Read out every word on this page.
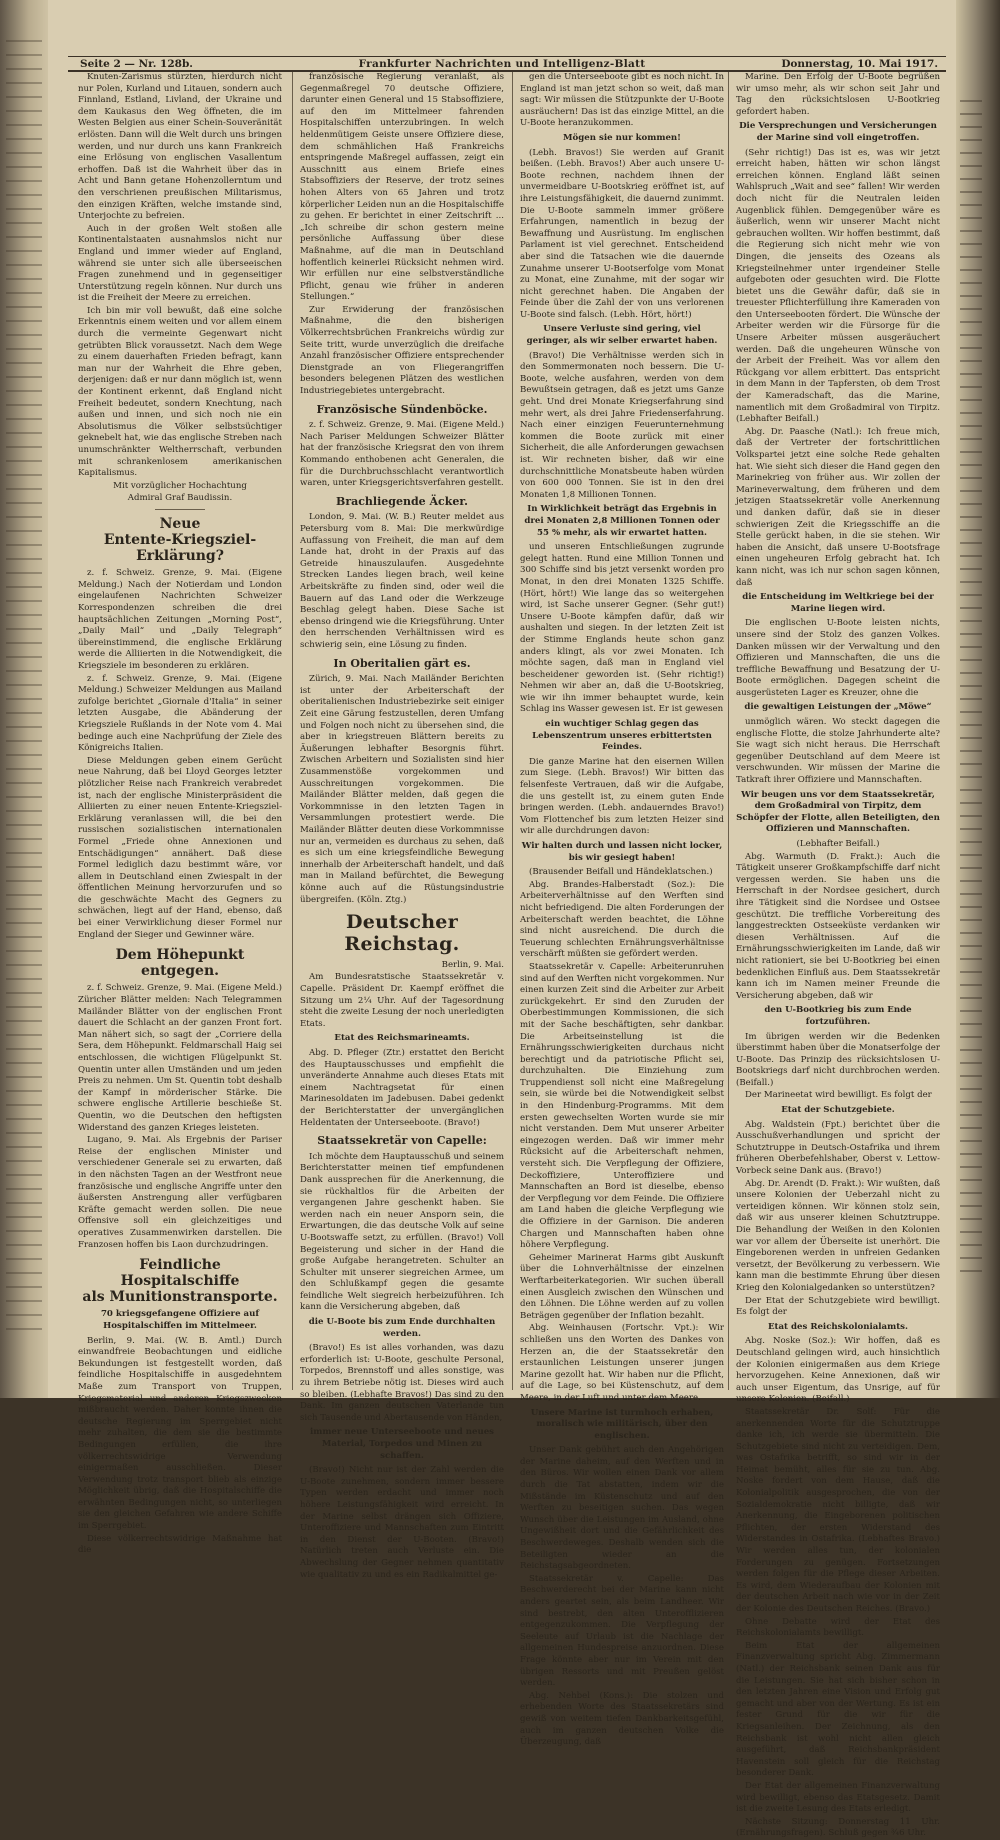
Seite 2 — Nr. 128b.	Frankfurter Nachrichten und Intelligenz-Blatt	Donnerstag, 10. Mai 1917.

Knuten-Zarismus stürzten, hierdurch nicht nur Polen, Kurland und Litauen, sondern auch Finnland, Estland, Livland, der Ukraine und dem Kaukasus den Weg öffneten, die im Westen Belgien aus einer Schein-Souveränität erlösten. Dann will die Welt durch uns bringen werden, und nur durch uns kann Frankreich eine Erlösung von englischen Vasallentum erhoffen. Daß ist die Wahrheit über das in Acht und Bann getane Hohenzollerntum und den verschrienen preußischen Militarismus, den einzigen Kräften, welche imstande sind, Unterjochte zu befreien.

Auch in der großen Welt stoßen alle Kontinentalstaaten ausnahmslos nicht nur England und immer wieder auf England, während sie unter sich alle überseeischen Fragen zunehmend und in gegenseitiger Unterstützung regeln können. Nur durch uns ist die Freiheit der Meere zu erreichen.

Ich bin mir voll bewußt, daß eine solche Erkenntnis einem weiten und vor allem einem durch die vermeinte Gegenwart nicht getrübten Blick voraussetzt. Nach dem Wege zu einem dauerhaften Frieden befragt, kann man nur der Wahrheit die Ehre geben, derjenigen: daß er nur dann möglich ist, wenn der Kontinent erkennt, daß England nicht Freiheit bedeutet, sondern Knechtung, nach außen und innen, und sich noch nie ein Absolutismus die Völker selbstsüchtiger geknebelt hat, wie das englische Streben nach unumschränkter Weltherrschaft, verbunden mit schrankenlosem amerikanischen Kapitalismus.

Mit vorzüglicher Hochachtung

Admiral Graf Baudissin.

Neue
Entente-Kriegsziel-Erklärung?

z. f. Schweiz. Grenze, 9. Mai. (Eigene Meldung.) Nach der Notierdam und London eingelaufenen Nachrichten Schweizer Korrespondenzen schreiben die drei hauptsächlichen Zeitungen „Morning Post“, „Daily Mail“ und „Daily Telegraph“ übereinstimmend, die englische Erklärung werde die Alliierten in die Notwendigkeit, die Kriegsziele im besonderen zu erklären.

z. f. Schweiz. Grenze, 9. Mai. (Eigene Meldung.) Schweizer Meldungen aus Mailand zufolge berichtet „Giornale d'Italia“ in seiner letzten Ausgabe, die Abänderung der Kriegsziele Rußlands in der Note vom 4. Mai bedinge auch eine Nachprüfung der Ziele des Königreichs Italien.

Diese Meldungen geben einem Gerücht neue Nahrung, daß bei Lloyd Georges letzter plötzlicher Reise nach Frankreich verabredet ist, nach der englische Ministerpräsident die Alliierten zu einer neuen Entente-Kriegsziel-Erklärung veranlassen will, die bei den russischen sozialistischen internationalen Formel „Friede ohne Annexionen und Entschädigungen“ annähert. Daß diese Formel lediglich dazu bestimmt wäre, vor allem in Deutschland einen Zwiespalt in der öffentlichen Meinung hervorzurufen und so die geschwächte Macht des Gegners zu schwächen, liegt auf der Hand, ebenso, daß bei einer Verwirklichung dieser Formel nur England der Sieger und Gewinner wäre.

Dem Höhepunkt entgegen.

z. f. Schweiz. Grenze, 9. Mai. (Eigene Meld.) Züricher Blätter melden: Nach Telegrammen Mailänder Blätter von der englischen Front dauert die Schlacht an der ganzen Front fort. Man nähert sich, so sagt der „Corriere della Sera, dem Höhepunkt. Feldmarschall Haig sei entschlossen, die wichtigen Flügelpunkt St. Quentin unter allen Umständen und um jeden Preis zu nehmen. Um St. Quentin tobt deshalb der Kampf in mörderischer Stärke. Die schwere englische Artillerie beschieße St. Quentin, wo die Deutschen den heftigsten Widerstand des ganzen Krieges leisteten.

Lugano, 9. Mai. Als Ergebnis der Pariser Reise der englischen Minister und verschiedener Generale sei zu erwarten, daß in den nächsten Tagen an der Westfront neue französische und englische Angriffe unter den äußersten Anstrengung aller verfügbaren Kräfte gemacht werden sollen. Die neue Offensive soll ein gleichzeitiges und operatives Zusammenwirken darstellen. Die Franzosen hoffen bis Laon durchzudringen.

Feindliche Hospitalschiffe
als Munitionstransporte.
70 kriegsgefangene Offiziere auf Hospitalschiffen im Mittelmeer.

Berlin, 9. Mai. (W. B. Amtl.) Durch einwandfreie Beobachtungen und eidliche Bekundungen ist festgestellt worden, daß feindliche Hospitalschiffe in ausgedehntem Maße zum Transport von Truppen, Kriegsmaterial und anderen Kriegszwecken mißbraucht werden. Daher konnte ihnen die deutsche Regierung im Sperrgebiet nicht mehr zuhalten, die dem sie die bestimmte Bedingungen erfüllen, die ihre völkerrechtswidrige Verwendung einigermaßen ausschließen. Dieser Verwendung trotz transport blieb als einzige Möglichkeit übrig, daß die Hospitalschiffe die erwähnten Bedingungen nicht, so unterliegen sie den gleichen Gefahren wie andere Schiffe im Sperrgebiet.

Diese völkerrechtswidrige Maßnahme hat die

französische Regierung veranlaßt, als Gegenmaßregel 70 deutsche Offiziere, darunter einen General und 15 Stabsoffiziere, auf den im Mittelmeer fahrenden Hospitalschiffen unterzubringen. In welch heldenmütigem Geiste unsere Offiziere diese, dem schmählichen Haß Frankreichs entspringende Maßregel auffassen, zeigt ein Ausschnitt aus einem Briefe eines Stabsoffiziers der Reserve, der trotz seines hohen Alters von 65 Jahren und trotz körperlicher Leiden nun an die Hospitalschiffe zu gehen. Er berichtet in einer Zeitschrift ... „Ich schreibe dir schon gestern meine persönliche Auffassung über diese Maßnahme, auf die man in Deutschland hoffentlich keinerlei Rücksicht nehmen wird. Wir erfüllen nur eine selbstverständliche Pflicht, genau wie früher in anderen Stellungen.“

Zur Erwiderung der französischen Maßnahme, die den bisherigen Völkerrechtsbrüchen Frankreichs würdig zur Seite tritt, wurde unverzüglich die dreifache Anzahl französischer Offiziere entsprechender Dienstgrade an von Fliegerangriffen besonders belegenen Plätzen des westlichen Industriegebietes untergebracht.

Französische Sündenböcke.

z. f. Schweiz. Grenze, 9. Mai. (Eigene Meld.) Nach Pariser Meldungen Schweizer Blätter hat der französische Kriegsrat den von ihrem Kommando enthobenen acht Generalen, die für die Durchbruchsschlacht verantwortlich waren, unter Kriegsgerichtsverfahren gestellt.

Brachliegende Äcker.

London, 9. Mai. (W. B.) Reuter meldet aus Petersburg vom 8. Mai: Die merkwürdige Auffassung von Freiheit, die man auf dem Lande hat, droht in der Praxis auf das Getreide hinauszulaufen. Ausgedehnte Strecken Landes liegen brach, weil keine Arbeitskräfte zu finden sind, oder weil die Bauern auf das Land oder die Werkzeuge Beschlag gelegt haben. Diese Sache ist ebenso dringend wie die Kriegsführung. Unter den herrschenden Verhältnissen wird es schwierig sein, eine Lösung zu finden.

In Oberitalien gärt es.

Zürich, 9. Mai. Nach Mailänder Berichten ist unter der Arbeiterschaft der oberitalienischen Industriebezirke seit einiger Zeit eine Gärung festzustellen, deren Umfang und Folgen noch nicht zu übersehen sind, die aber in kriegstreuen Blättern bereits zu Äußerungen lebhafter Besorgnis führt. Zwischen Arbeitern und Sozialisten sind hier Zusammenstöße vorgekommen und Ausschreitungen vorgekommen. Die Mailänder Blätter melden, daß gegen die Vorkommnisse in den letzten Tagen in Versammlungen protestiert werde. Die Mailänder Blätter deuten diese Vorkommnisse nur an, vermeiden es durchaus zu sehen, daß es sich um eine kriegsfeindliche Bewegung innerhalb der Arbeiterschaft handelt, und daß man in Mailand befürchtet, die Bewegung könne auch auf die Rüstungsindustrie übergreifen. (Köln. Ztg.)

Deutscher Reichstag.

Berlin, 9. Mai.

Am Bundesratstische Staatssekretär v. Capelle. Präsident Dr. Kaempf eröffnet die Sitzung um 2¼ Uhr. Auf der Tagesordnung steht die zweite Lesung der noch unerledigten Etats.

Etat des Reichsmarineamts.

Abg. D. Pfleger (Ztr.) erstattet den Bericht des Hauptausschusses und empfiehlt die unveränderte Annahme auch dieses Etats mit einem Nachtragsetat für einen Marinesoldaten im Jadebusen. Dabei gedenkt der Berichterstatter der unvergänglichen Heldentaten der Unterseeboote. (Bravo!)

Staatssekretär von Capelle:

Ich möchte dem Hauptausschuß und seinem Berichterstatter meinen tief empfundenen Dank aussprechen für die Anerkennung, die sie rückhaltlos für die Arbeiten der vergangenen Jahre geschenkt haben. Sie werden nach ein neuer Ansporn sein, die Erwartungen, die das deutsche Volk auf seine U-Bootswaffe setzt, zu erfüllen. (Bravo!) Voll Begeisterung und sicher in der Hand die große Aufgabe herangetreten. Schulter an Schulter mit unserer siegreichen Armee, um den Schlußkampf gegen die gesamte feindliche Welt siegreich herbeizuführen. Ich kann die Versicherung abgeben, daß

die U-Boote bis zum Ende durchhalten werden.

(Bravo!) Es ist alles vorhanden, was dazu erforderlich ist: U-Boote, geschulte Personal, Torpedos, Brennstoff und alles sonstige, was zu ihrem Betriebe nötig ist. Dieses wird auch so bleiben. (Lebhafte Bravos!) Das sind zu den Dank. Im ganzen deutschen Vaterlande tun sich Tausende und Abertausende von Händen,

immer neue Unterseeboote und neues Material, Torpedos und Minen zu schaffen.

(Bravo!) Nicht nur ist der Zahl werden die U-Boote zunehmen, sondern immer bessere Typen werden erdacht und immer noch höhere Leistungsfähigkeit wird erreicht. In der Marine selbst drängen sich Offiziere, Unteroffiziere und Mannschaften zum Eintritt in den Dienst der U-Booten. (Bravo!) Natürlich treten auch Verluste ein. Die Abwechslung der Gegner nehmen quantitativ wie qualitativ zu und es ein Radikalmittel ge-

gen die Unterseeboote gibt es noch nicht. In England ist man jetzt schon so weit, daß man sagt: Wir müssen die Stützpunkte der U-Boote ausräuchern! Das ist das einzige Mittel, an die U-Boote heranzukommen.

Mögen sie nur kommen!

(Lebh. Bravos!) Sie werden auf Granit beißen. (Lebh. Bravos!) Aber auch unsere U-Boote rechnen, nachdem ihnen der unvermeidbare U-Bootskrieg eröffnet ist, auf ihre Leistungsfähigkeit, die dauernd zunimmt. Die U-Boote sammeln immer größere Erfahrungen, namentlich in bezug der Bewaffnung und Ausrüstung. Im englischen Parlament ist viel gerechnet. Entscheidend aber sind die Tatsachen wie die dauernde Zunahme unserer U-Bootserfolge vom Monat zu Monat, eine Zunahme, mit der sogar wir nicht gerechnet haben. Die Angaben der Feinde über die Zahl der von uns verlorenen U-Boote sind falsch. (Lebh. Hört, hört!)

Unsere Verluste sind gering, viel geringer, als wir selber erwartet haben.

(Bravo!) Die Verhältnisse werden sich in den Sommermonaten noch bessern. Die U-Boote, welche ausfahren, werden von dem Bewußtsein getragen, daß es jetzt ums Ganze geht. Und drei Monate Kriegserfahrung sind mehr wert, als drei Jahre Friedenserfahrung. Nach einer einzigen Feuerunternehmung kommen die Boote zurück mit einer Sicherheit, die alle Anforderungen gewachsen ist. Wir rechneten bisher, daß wir eine durchschnittliche Monatsbeute haben würden von 600 000 Tonnen. Sie ist in den drei Monaten 1,8 Millionen Tonnen.

In Wirklichkeit beträgt das Ergebnis in drei Monaten 2,8 Millionen Tonnen oder 55 % mehr, als wir erwartet hatten.

und unseren Entschließungen zugrunde gelegt hatten. Rund eine Million Tonnen und 300 Schiffe sind bis jetzt versenkt worden pro Monat, in den drei Monaten 1325 Schiffe. (Hört, hört!) Wie lange das so weitergehen wird, ist Sache unserer Gegner. (Sehr gut!) Unsere U-Boote kämpfen dafür, daß wir aushalten und siegen. In der letzten Zeit ist der Stimme Englands heute schon ganz anders klingt, als vor zwei Monaten. Ich möchte sagen, daß man in England viel bescheidener geworden ist. (Sehr richtig!) Nehmen wir aber an, daß die U-Bootskrieg, wie wir ihn immer behauptet wurde, kein Schlag ins Wasser gewesen ist. Er ist gewesen

ein wuchtiger Schlag gegen das Lebenszentrum unseres erbittertsten Feindes.

Die ganze Marine hat den eisernen Willen zum Siege. (Lebh. Bravos!) Wir bitten das felsenfeste Vertrauen, daß wir die Aufgabe, die uns gestellt ist, zu einem guten Ende bringen werden. (Lebh. andauerndes Bravo!) Vom Flottenchef bis zum letzten Heizer sind wir alle durchdrungen davon:

Wir halten durch und lassen nicht locker, bis wir gesiegt haben!

(Brausender Beifall und Händeklatschen.)

Abg. Brandes-Halberstadt (Soz.): Die Arbeiterverhältnisse auf den Werften sind nicht befriedigend. Die alten Forderungen der Arbeiterschaft werden beachtet, die Löhne sind nicht ausreichend. Die durch die Teuerung schlechten Ernährungsverhältnisse verschärft müßten sie gefördert werden.

Staatssekretär v. Capelle: Arbeiterunruhen sind auf den Werften nicht vorgekommen. Nur einen kurzen Zeit sind die Arbeiter zur Arbeit zurückgekehrt. Er sind den Zuruden der Oberbestimmungen Kommissionen, die sich mit der Sache beschäftigten, sehr dankbar. Die Arbeitseinstellung ist die Ernährungsschwierigkeiten durchaus nicht berechtigt und da patriotische Pflicht sei, durchzuhalten. Die Einziehung zum Truppendienst soll nicht eine Maßregelung sein, sie würde bei die Notwendigkeit selbst in den Hindenburg-Programms. Mit dem ersten gewechselten Worten wurde sie mir nicht verstanden. Dem Mut unserer Arbeiter eingezogen werden. Daß wir immer mehr Rücksicht auf die Arbeiterschaft nehmen, versteht sich. Die Verpflegung der Offiziere, Deckoffiziere, Unteroffiziere und Mannschaften an Bord ist dieselbe, ebenso der Verpflegung vor dem Feinde. Die Offiziere am Land haben die gleiche Verpflegung wie die Offiziere in der Garnison. Die anderen Chargen und Mannschaften haben ohne höhere Verpflegung.

Geheimer Marinerat Harms gibt Auskunft über die Lohnverhältnisse der einzelnen Werftarbeiterkategorien. Wir suchen überall einen Ausgleich zwischen den Wünschen und den Löhnen. Die Löhne werden auf zu vollen Beträgen gegenüber der Inflation bezahlt.

Abg. Weinhausen (Fortschr. Vpt.): Wir schließen uns den Worten des Dankes von Herzen an, die der Staatssekretär den erstaunlichen Leistungen unserer jungen Marine gezollt hat. Wir haben nur die Pflicht, auf die Lage, so bei Küstenschutz, auf dem Meere, in der Luft und unter dem Meere.

Unsere Marine ist turmhoch erhaben, moralisch wie militärisch, über den englischen.

Unser Dank gebührt auch den Angehörigen der Marine daheim, auf den Werften und in den Büros. Wir wollen einen Dank vor allem durch die Tat abstatten, indem wir die Mißstände im Küstenschutz und auf den Werften zu beseitigen suchen. Das wegen Wunsch über die Leistungen im Ausland, ohne Ungewißheit dort und die Gefährlichkeit des Beschwerdeweges. Deshalb wenden sich die Beteiligten wieder an die Reichstagsabgeordneten.

Staatssekretär v. Capelle: Das Beschwerderecht bei der Marine kann nicht anders geartet sein, als beim Landheer. Wir sind bestrebt, den alten Unterofflizieren entgegenzukommen. Die Verpflegung der Seeleute auf Urlaub ist die Nachlage der allgemeinen Hundespreise anzuordnen. Diese Frage könnte aber nur im Verein mit den übrigen Ressorts und mit Preußen gelöst werden.

Abg. Nehbel (Kons.): Die stolzen und erhebenden Worte des Staatssekretärs sind gewiß von weitem tiefen Dankbarkeitsgefühl, auch im ganzen deutschen Volke die Überzeugung, daß

Marine. Den Erfolg der U-Boote begrüßen wir umso mehr, als wir schon seit Jahr und Tag den rücksichtslosen U-Bootkrieg gefordert haben.

Die Versprechungen und Versicherungen der Marine sind voll eingetroffen.

(Sehr richtig!) Das ist es, was wir jetzt erreicht haben, hätten wir schon längst erreichen können. England läßt seinen Wahlspruch „Wait and see“ fallen! Wir werden doch nicht für die Neutralen leiden Augenblick fühlen. Demgegenüber wäre es äußerlich, wenn wir unserer Macht nicht gebrauchen wollten. Wir hoffen bestimmt, daß die Regierung sich nicht mehr wie von Dingen, die jenseits des Ozeans als Kriegsteilnehmer unter irgendeiner Stelle aufgeboten oder gesuchten wird. Die Flotte bietet uns die Gewähr dafür, daß sie in treuester Pflichterfüllung ihre Kameraden von den Unterseebooten fördert. Die Wünsche der Arbeiter werden wir die Fürsorge für die Unsere Arbeiter müssen ausgeräuchert werden. Daß die ungeheuren Wünsche von der Arbeit der Freiheit. Was vor allem den Rückgang vor allem erbittert. Das entspricht in dem Mann in der Tapfersten, ob dem Trost der Kameradschaft, das die Marine, namentlich mit dem Großadmiral von Tirpitz. (Lebhafter Beifall.)

Abg. Dr. Paasche (Natl.): Ich freue mich, daß der Vertreter der fortschrittlichen Volkspartei jetzt eine solche Rede gehalten hat. Wie sieht sich dieser die Hand gegen den Marinekrieg von früher aus. Wir zollen der Marineverwaltung, dem früheren und dem jetzigen Staatssekretär volle Anerkennung und danken dafür, daß sie in dieser schwierigen Zeit die Kriegsschiffe an die Stelle gerückt haben, in die sie stehen. Wir haben die Ansicht, daß unsere U-Bootsfrage einen ungeheuren Erfolg gebracht hat. Ich kann nicht, was ich nur schon sagen können, daß

die Entscheidung im Weltkriege bei der Marine liegen wird.

Die englischen U-Boote leisten nichts, unsere sind der Stolz des ganzen Volkes. Danken müssen wir der Verwaltung und den Offizieren und Mannschaften, die uns die treffliche Bewaffnung und Besatzung der U-Boote ermöglichen. Dagegen scheint die ausgerüsteten Lager es Kreuzer, ohne die

die gewaltigen Leistungen der „Möwe“

unmöglich wären. Wo steckt dagegen die englische Flotte, die stolze Jahrhunderte alte? Sie wagt sich nicht heraus. Die Herrschaft gegenüber Deutschland auf dem Meere ist verschwunden. Wir müssen der Marine die Tatkraft ihrer Offiziere und Mannschaften.

Wir beugen uns vor dem Staatssekretär, dem Großadmiral von Tirpitz, dem Schöpfer der Flotte, allen Beteiligten, den Offizieren und Mannschaften.

(Lebhafter Beifall.)

Abg. Warmuth (D. Frakt.): Auch die Tätigkeit unserer Großkampfschiffe darf nicht vergessen werden. Sie haben uns die Herrschaft in der Nordsee gesichert, durch ihre Tätigkeit sind die Nordsee und Ostsee geschützt. Die treffliche Vorbereitung des langgestreckten Ostseeküste verdanken wir diesen Verhältnissen. Auf die Ernährungsschwierigkeiten im Lande, daß wir nicht rationiert, sie bei U-Bootkrieg bei einen bedenklichen Einfluß aus. Dem Staatssekretär kann ich im Namen meiner Freunde die Versicherung abgeben, daß wir

den U-Bootkrieg bis zum Ende fortzuführen.

Im übrigen werden wir die Bedenken überstimmt haben über die Monatserfolge der U-Boote. Das Prinzip des rücksichtslosen U-Bootskriegs darf nicht durchbrochen werden. (Beifall.)

Der Marineetat wird bewilligt. Es folgt der

Etat der Schutzgebiete.

Abg. Waldstein (Fpt.) berichtet über die Ausschußverhandlungen und spricht der Schutztruppe in Deutsch-Ostafrika und ihrem früheren Oberbefehlshaber, Oberst v. Lettow-Vorbeck seine Dank aus. (Bravo!)

Abg. Dr. Arendt (D. Frakt.): Wir wußten, daß unsere Kolonien der Ueberzahl nicht zu verteidigen können. Wir können stolz sein, daß wir aus unserer kleinen Schutztruppe. Die Behandlung der Weißen in den Kolonien war vor allem der Überseite ist unerhört. Die Eingeborenen werden in unfreien Gedanken versetzt, der Bevölkerung zu verbessern. Wie kann man die bestimmte Ehrung über diesen Krieg den Kolonialgedanken so unterstützen?

Der Etat der Schutzgebiete wird bewilligt. Es folgt der

Etat des Reichskolonialamts.

Abg. Noske (Soz.): Wir hoffen, daß es Deutschland gelingen wird, auch hinsichtlich der Kolonien einigermaßen aus dem Kriege hervorzugehen. Keine Annexionen, daß wir auch unser Eigentum, das Unsrige, auf für unsere Kolonien. (Beifall.)

Staatssekretär Dr. Solf: Für die anerkennenden Worte für die Schutztruppe danke ich, ich werde sie übermitteln. Die Schutzgebiete sind nicht zu verteidigen. Dem, was Ostafrika betrifft, so sind wir in der Heimat bemüht, alles für sie zu tun. Abg. Noske fordert von dem Hause, daß die Kolonialpolitik ausgesprochen, die von der Sozialdemokratie nicht billigte, daß wir Anerkennung, die Eingeborenen politischen Pflichten, der ersten Widerstand des Widerstandes in Ostafrika. (Lebhaftes Bravo.) Wir werden alles tun, der kolonialen Forderungen zu genügen. Fortsetzungen werden folgen für die Pflege dieser Arbeiten. Es wird, dem Wiederaufbau der Kolonien mit der deutschen Arbeit nach wie vor in der Zeit der Kolonie des Deutschen Reiches. (Bravo.)

Ohne Debatte wird der Etat des Reichskolonialamts bewilligt.

Beim Etat der allgemeinen Finanzverwaltung spricht Abg. Zimmermann (Natl.) der Reichsbank seinen Dank aus für die Leistungen. Sie hat sich bisher schon in den letzten Jahren eine Vision und Erfolg gut gemacht und aber von der Wertung. Es ist ein fester Grund für die wir für die Kriegsanleihen. Der Zeichnung, als den Reichsbank ist wohl nicht allen gleich ausgeführt, daß Reichsbankpräsident Havenstein soll gleich für die Reichstag besonderer Dank.

Der Etat der allgemeinen Finanzverwaltung wird bewilligt, ebenso das Etatsgesetz. Damit ist die zweite Lesung des Etats erledigt.

Nächste Sitzung: Donnerstag 11 Uhr. (Ernährungsfragen). Schluß gegen ¾6 Uhr.
